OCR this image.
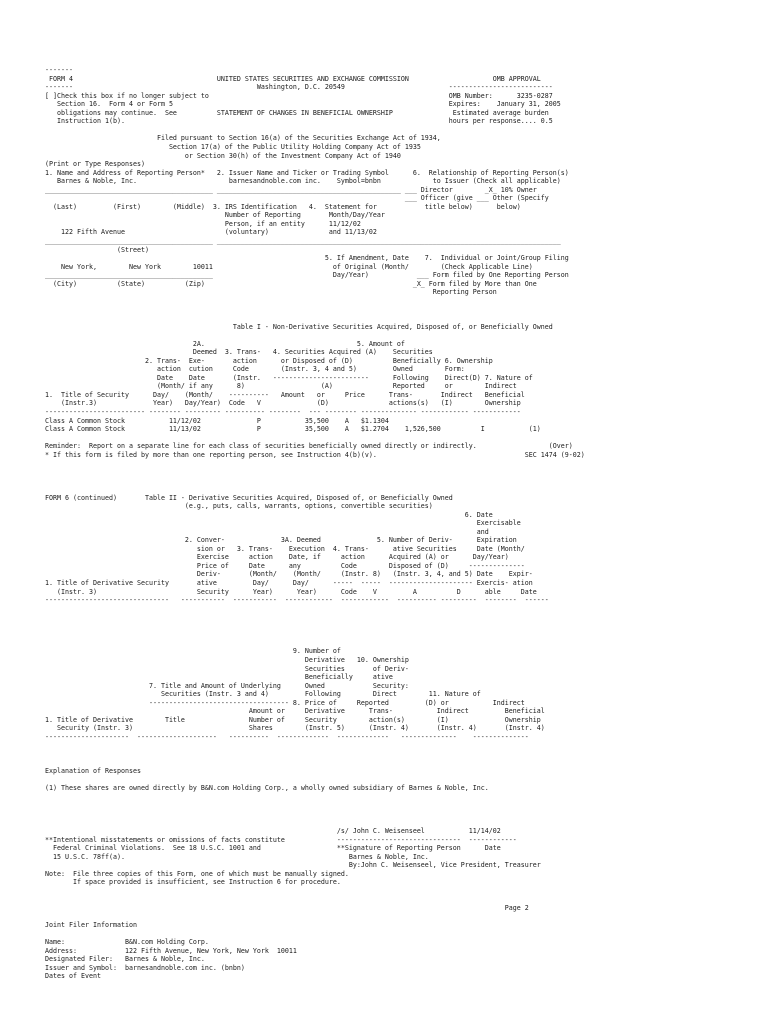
-------
FORM 4                                    UNITED STATES SECURITIES AND EXCHANGE COMMISSION                     OMB APPROVAL
-------                                              Washington, D.C. 20549                          --------------------------
[ ]Check this box if no longer subject to                                                            OMB Number:      3235-0287
Section 16.  Form 4 or Form 5                                                                     Expires:    January 31, 2005
obligations may continue.  See          STATEMENT OF CHANGES IN BENEFICIAL OWNERSHIP               Estimated average burden
Instruction 1(b).                                                                                 hours per response.... 0.5
Filed pursuant to Section 16(a) of the Securities Exchange Act of 1934,
Section 17(a) of the Public Utility Holding Company Act of 1935
or Section 30(h) of the Investment Company Act of 1940
(Print or Type Responses)
1. Name and Address of Reporting Person*   2. Issuer Name and Ticker or Trading Symbol      6.  Relationship of Reporting Person(s)
Barnes & Noble, Inc.                       barnesandnoble.com inc.    Symbol=bnbn             to Issuer (Check all applicable)
__________________________________________ ______________________________________________ ___ Director        _X_ 10% Owner
___ Officer (give ___ Other (Specify
(Last)         (First)        (Middle)  3. IRS Identification   4.  Statement for            title below)      below)
Number of Reporting       Month/Day/Year
Person, if an entity      11/12/02
122 Fifth Avenue                         (voluntary)               and 11/13/02
__________________________________________ ______________________________________________________________________________________
(Street)
5. If Amendment, Date    7.  Individual or Joint/Group Filing
New York,        New York        10011                              of Original (Month/        (Check Applicable Line)
__________________________________________                              Day/Year)            ___ Form filed by One Reporting Person
(City)          (State)          (Zip)                                                    _X_ Form filed by More than One
Reporting Person
Table I - Non-Derivative Securities Acquired, Disposed of, or Beneficially Owned
2A.                                      5. Amount of
Deemed  3. Trans-   4. Securities Acquired (A)    Securities
2. Trans-  Exe-       action      or Disposed of (D)          Beneficially 6. Ownership
action  cution     Code        (Instr. 3, 4 and 5)         Owned        Form:
Date    Date       (Instr.   ------------------------      Following    Direct(D) 7. Nature of
(Month/ if any      8)                   (A)               Reported     or        Indirect
1.  Title of Security      Day/    (Month/    ----------   Amount   or     Price      Trans-       Indirect   Beneficial
(Instr.3)              Year)   Day/Year)  Code   V              (D)               actions(s)   (I)        Ownership
------------------------- -------- --------- ---------- --------  --- -------- -------------- ------------ ------------
Class A Common Stock           11/12/02              P           35,500    A   $1.1304
Class A Common Stock           11/13/02              P           35,500    A   $1.2704    1,526,500          I           (1)
Reminder:  Report on a separate line for each class of securities beneficially owned directly or indirectly.                  (Over)
* If this form is filed by more than one reporting person, see Instruction 4(b)(v).                                     SEC 1474 (9-02)
FORM 6 (continued)       Table II - Derivative Securities Acquired, Disposed of, or Beneficially Owned
(e.g., puts, calls, warrants, options, convertible securities)
6. Date
Exercisable
and
2. Conver-              3A. Deemed              5. Number of Deriv-      Expiration
sion or   3. Trans-    Execution  4. Trans-      ative Securities     Date (Month/
Exercise     action    Date, if     action      Acquired (A) or      Day/Year)
Price of     Date      any          Code        Disposed of (D)     --------------
Deriv-       (Month/    (Month/     (Instr. 8)   (Instr. 3, 4, and 5) Date    Expir-
1. Title of Derivative Security       ative         Day/      Day/      -----  -----  --------------------- Exercis- ation
(Instr. 3)                         Security      Year)      Year)      Code    V         A          D      able     Date
-------------------------------   -----------  -----------  ------------  ------------  ---------- ---------  --------  ------
9. Number of
Derivative   10. Ownership
Securities       of Deriv-
Beneficially     ative
7. Title and Amount of Underlying      Owned            Security:
Securities (Instr. 3 and 4)         Following        Direct        11. Nature of
----------------------------------- 8. Price of     Reported         (D) or           Indirect
Amount or     Derivative      Trans-           Indirect         Beneficial
1. Title of Derivative        Title                Number of     Security        action(s)        (I)              Ownership
Security (Instr. 3)                             Shares        (Instr. 5)      (Instr. 4)       (Instr. 4)       (Instr. 4)
---------------------  --------------------   ----------  -------------  -------------   --------------    --------------
Explanation of Responses
(1) These shares are owned directly by B&N.com Holding Corp., a wholly owned subsidiary of Barnes & Noble, Inc.
/s/ John C. Weisenseel           11/14/02
**Intentional misstatements or omissions of facts constitute             -------------------------------  ------------
Federal Criminal Violations.  See 18 U.S.C. 1001 and                   **Signature of Reporting Person      Date
15 U.S.C. 78ff(a).                                                        Barnes & Noble, Inc.
By:John C. Weisenseel, Vice President, Treasurer
Note:  File three copies of this Form, one of which must be manually signed.
If space provided is insufficient, see Instruction 6 for procedure.
Page 2
Joint Filer Information
Name:               B&N.com Holding Corp.
Address:            122 Fifth Avenue, New York, New York  10011
Designated Filer:   Barnes & Noble, Inc.
Issuer and Symbol:  barnesandnoble.com inc. (bnbn)
Dates of Event
